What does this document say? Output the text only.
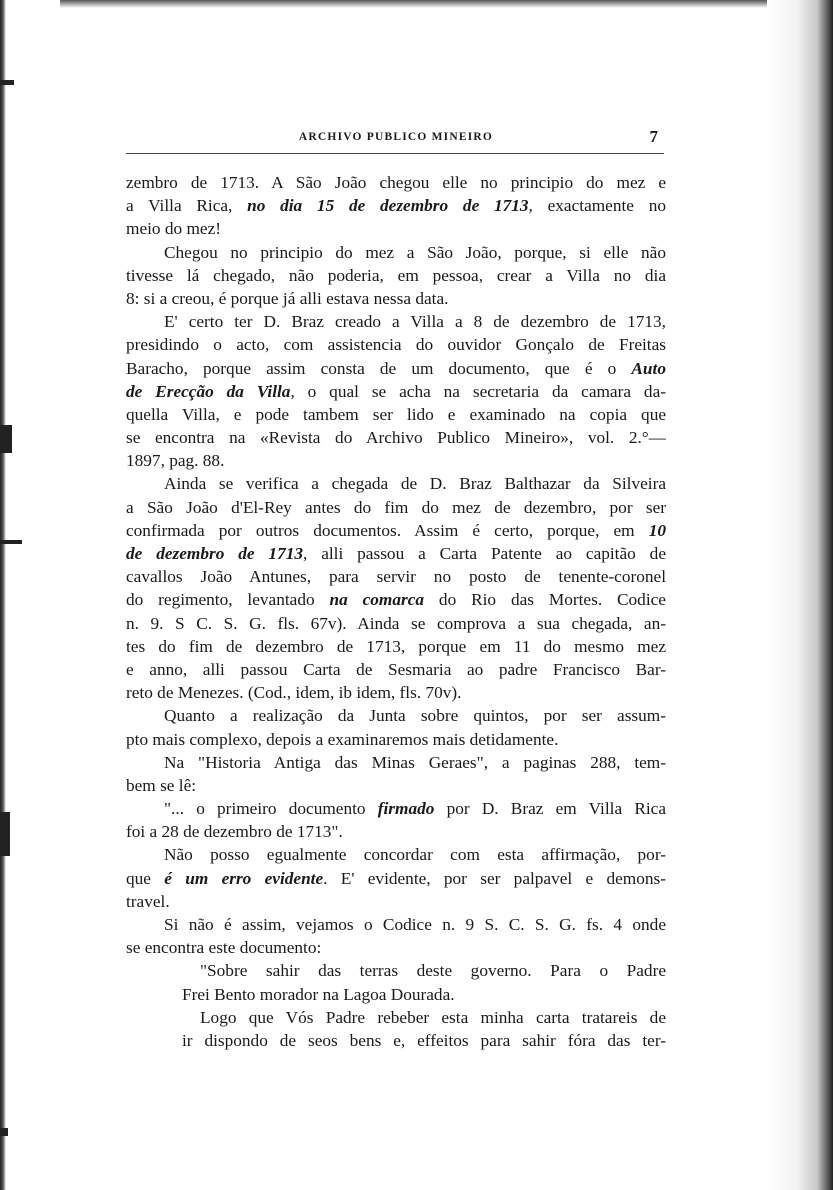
ARCHIVO PUBLICO MINEIRO	7
zembro de 1713. A São João chegou elle no principio do mez e
a Villa Rica, no dia 15 de dezembro de 1713, exactamente no
meio do mez!
Chegou no principio do mez a São João, porque, si elle não
tivesse lá chegado, não poderia, em pessoa, crear a Villa no dia
8: si a creou, é porque já alli estava nessa data.
E' certo ter D. Braz creado a Villa a 8 de dezembro de 1713,
presidindo o acto, com assistencia do ouvidor Gonçalo de Freitas
Baracho, porque assim consta de um documento, que é o Auto
de Erecção da Villa, o qual se acha na secretaria da camara da-
quella Villa, e pode tambem ser lido e examinado na copia que
se encontra na «Revista do Archivo Publico Mineiro», vol. 2.°—
1897, pag. 88.
Ainda se verifica a chegada de D. Braz Balthazar da Silveira
a São João d'El-Rey antes do fim do mez de dezembro, por ser
confirmada por outros documentos. Assim é certo, porque, em 10
de dezembro de 1713, alli passou a Carta Patente ao capitão de
cavallos João Antunes, para servir no posto de tenente-coronel
do regimento, levantado na comarca do Rio das Mortes. Codice
n. 9. S C. S. G. fls. 67v). Ainda se comprova a sua chegada, an-
tes do fim de dezembro de 1713, porque em 11 do mesmo mez
e anno, alli passou Carta de Sesmaria ao padre Francisco Bar-
reto de Menezes. (Cod., idem, ib idem, fls. 70v).
Quanto a realização da Junta sobre quintos, por ser assum-
pto mais complexo, depois a examinaremos mais detidamente.
Na "Historia Antiga das Minas Geraes", a paginas 288, tem-
bem se lê:
"... o primeiro documento firmado por D. Braz em Villa Rica
foi a 28 de dezembro de 1713".
Não posso egualmente concordar com esta affirmação, por-
que é um erro evidente. E' evidente, por ser palpavel e demons-
travel.
Si não é assim, vejamos o Codice n. 9 S. C. S. G. fs. 4 onde
se encontra este documento:
"Sobre sahir das terras deste governo. Para o Padre
Frei Bento morador na Lagoa Dourada.
Logo que Vós Padre rebeber esta minha carta tratareis de
ir dispondo de seos bens e, effeitos para sahir fóra das ter-
